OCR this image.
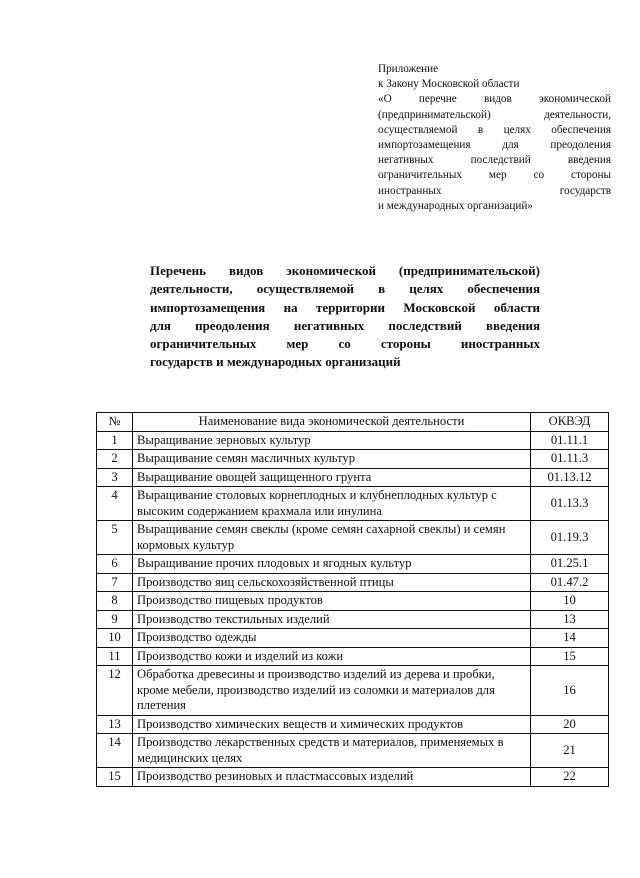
Приложение
к Закону Московской области
«О перечне видов экономической
(предпринимательской) деятельности,
осуществляемой в целях обеспечения
импортозамещения для преодоления
негативных последствий введения
ограничительных мер со стороны
иностранных государств
и международных организаций»
Перечень видов экономической (предпринимательской)
деятельности, осуществляемой в целях обеспечения
импортозамещения на территории Московской области
для преодоления негативных последствий введения
ограничительных мер со стороны иностранных
государств и международных организаций
№	Наименование вида экономической деятельности	ОКВЭД
1	Выращивание зерновых культур	01.11.1
2	Выращивание семян масличных культур	01.11.3
3	Выращивание овощей защищенного грунта	01.13.12
4	Выращивание столовых корнеплодных и клубнеплодных культур с высоким содержанием крахмала или инулина	01.13.3
5	Выращивание семян свеклы (кроме семян сахарной свеклы) и семян кормовых культур	01.19.3
6	Выращивание прочих плодовых и ягодных культур	01.25.1
7	Производство яиц сельскохозяйственной птицы	01.47.2
8	Производство пищевых продуктов	10
9	Производство текстильных изделий	13
10	Производство одежды	14
11	Производство кожи и изделий из кожи	15
12	Обработка древесины и производство изделий из дерева и пробки, кроме мебели, производство изделий из соломки и материалов для плетения	16
13	Производство химических веществ и химических продуктов	20
14	Производство лекарственных средств и материалов, применяемых в медицинских целях	21
15	Производство резиновых и пластмассовых изделий	22
